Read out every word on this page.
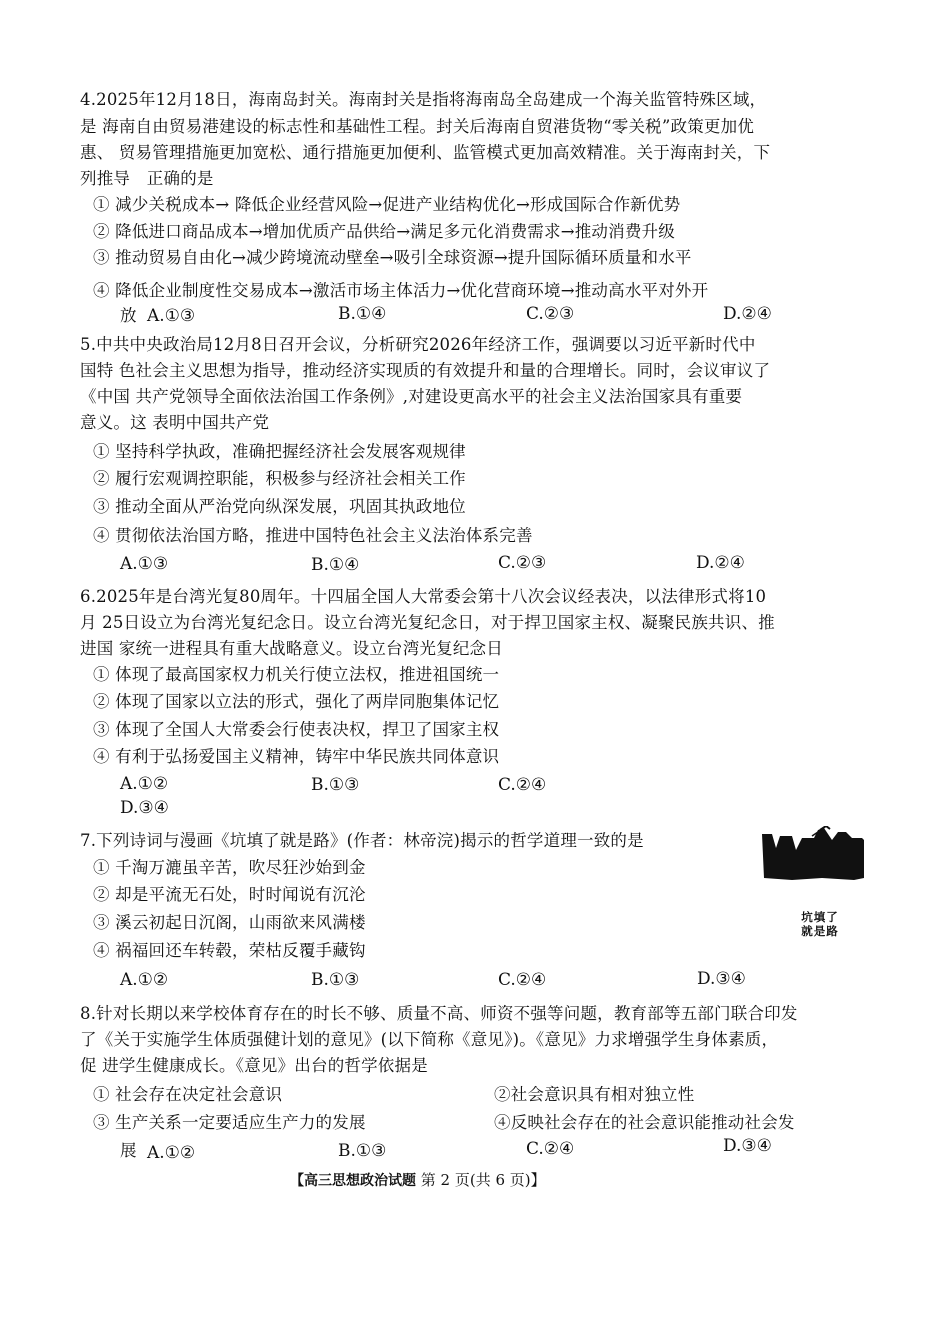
4.2025年12月18日，海南岛封关。海南封关是指将海南岛全岛建成一个海关监管特殊区域，
是 海南自由贸易港建设的标志性和基础性工程。封关后海南自贸港货物“零关税”政策更加优
惠、 贸易管理措施更加宽松、通行措施更加便利、监管模式更加高效精准。关于海南封关，下
列推导　正确的是
① 减少关税成本→ 降低企业经营风险→促进产业结构优化→形成国际合作新优势
② 降低进口商品成本→增加优质产品供给→满足多元化消费需求→推动消费升级
③ 推动贸易自由化→减少跨境流动壁垒→吸引全球资源→提升国际循环质量和水平
④ 降低企业制度性交易成本→激活市场主体活力→优化营商环境→推动高水平对外开
放 A.①③	B.①④	C.②③	D.②④
5.中共中央政治局12月8日召开会议，分析研究2026年经济工作，强调要以习近平新时代中
国特 色社会主义思想为指导，推动经济实现质的有效提升和量的合理增长。同时，会议审议了
《中国 共产党领导全面依法治国工作条例》,对建设更高水平的社会主义法治国家具有重要
意义。这 表明中国共产党
① 坚持科学执政，准确把握经济社会发展客观规律
② 履行宏观调控职能，积极参与经济社会相关工作
③ 推动全面从严治党向纵深发展，巩固其执政地位
④ 贯彻依法治国方略，推进中国特色社会主义法治体系完善
A.①③	B.①④	C.②③	D.②④
6.2025年是台湾光复80周年。十四届全国人大常委会第十八次会议经表决，以法律形式将10
月 25日设立为台湾光复纪念日。设立台湾光复纪念日，对于捍卫国家主权、凝聚民族共识、推
进国 家统一进程具有重大战略意义。设立台湾光复纪念日
① 体现了最高国家权力机关行使立法权，推进祖国统一
② 体现了国家以立法的形式，强化了两岸同胞集体记忆
③ 体现了全国人大常委会行使表决权，捍卫了国家主权
④ 有利于弘扬爱国主义精神，铸牢中华民族共同体意识
A.①②	B.①③	C.②④
D.③④
7.下列诗词与漫画《坑填了就是路》(作者：林帝浣)揭示的哲学道理一致的是
① 千淘万漉虽辛苦，吹尽狂沙始到金
② 却是平流无石处，时时闻说有沉沦
③ 溪云初起日沉阁，山雨欲来风满楼
④ 祸福回还车转毂，荣枯反覆手藏钩
A.①②	B.①③	C.②④	D.③④
坑填了
就是路
8.针对长期以来学校体育存在的时长不够、质量不高、师资不强等问题，教育部等五部门联合印发
了《关于实施学生体质强健计划的意见》(以下简称《意见》)。《意见》力求增强学生身体素质，
促 进学生健康成长。《意见》出台的哲学依据是
① 社会存在决定社会意识	②社会意识具有相对独立性
③ 生产关系一定要适应生产力的发展	④反映社会存在的社会意识能推动社会发
展 A.①②	B.①③	C.②④	D.③④
【高三思想政治试题 第 2 页(共 6 页)】
